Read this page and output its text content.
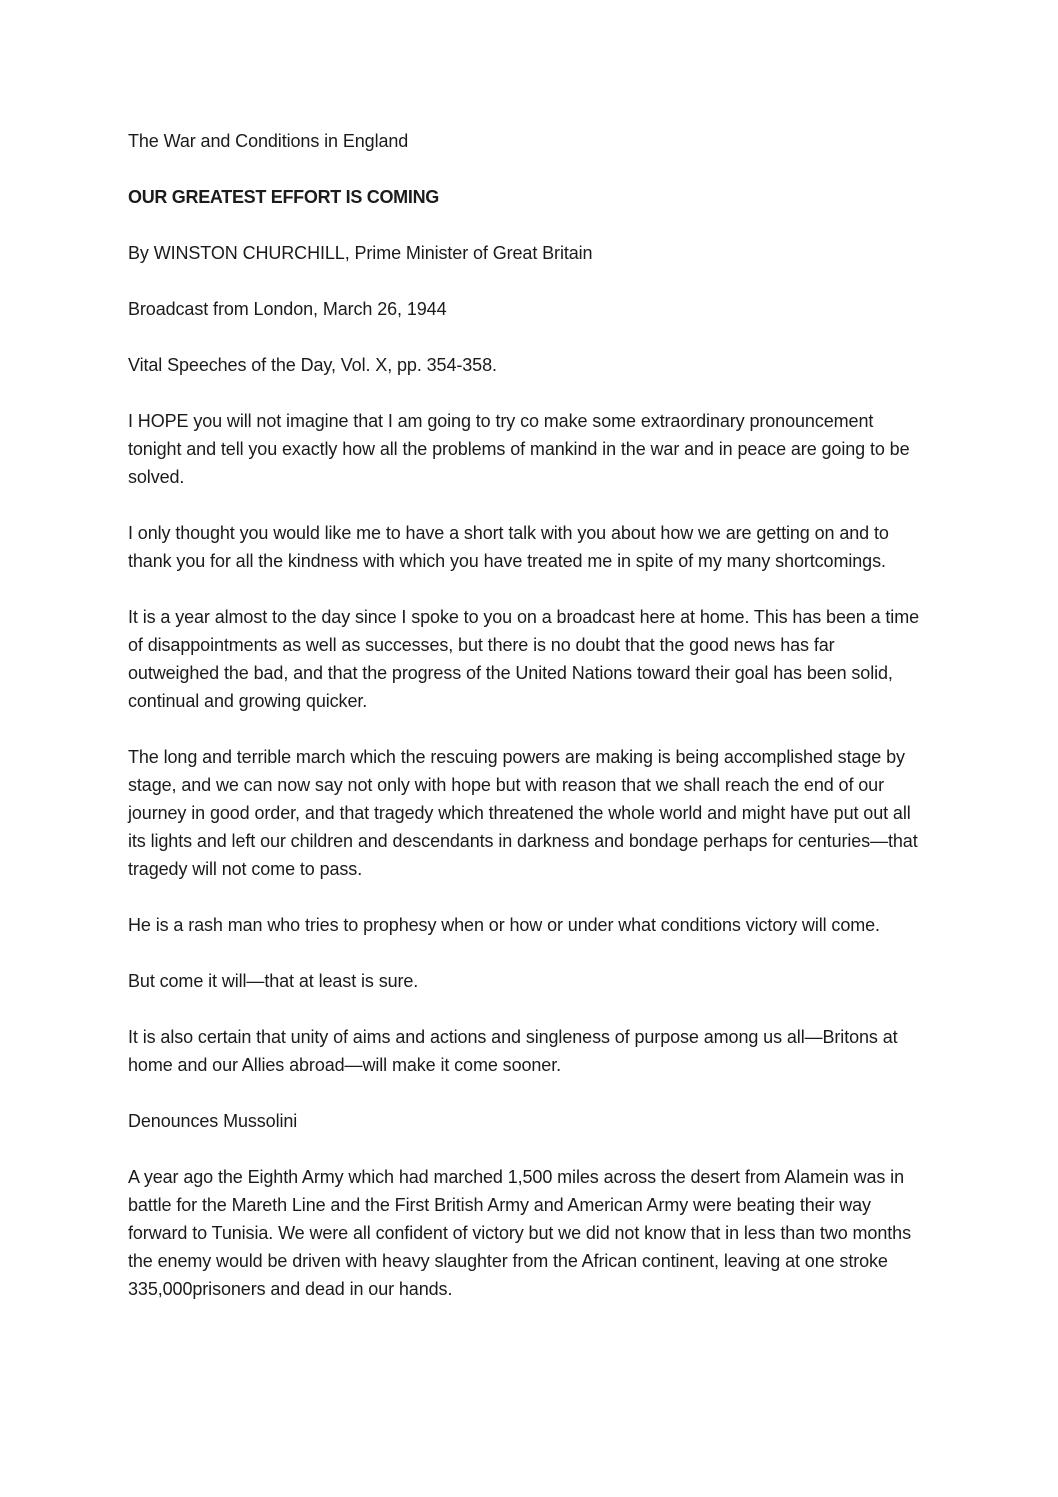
The War and Conditions in England
OUR GREATEST EFFORT IS COMING
By WINSTON CHURCHILL, Prime Minister of Great Britain
Broadcast from London, March 26, 1944
Vital Speeches of the Day, Vol. X, pp. 354-358.

I HOPE you will not imagine that I am going to try co make some extraordinary pronouncement tonight and tell you exactly how all the problems of mankind in the war and in peace are going to be solved.

I only thought you would like me to have a short talk with you about how we are getting on and to thank you for all the kindness with which you have treated me in spite of my many shortcomings.

It is a year almost to the day since I spoke to you on a broadcast here at home. This has been a time of disappointments as well as successes, but there is no doubt that the good news has far outweighed the bad, and that the progress of the United Nations toward their goal has been solid, continual and growing quicker.

The long and terrible march which the rescuing powers are making is being accomplished stage by stage, and we can now say not only with hope but with reason that we shall reach the end of our journey in good order, and that tragedy which threatened the whole world and might have put out all its lights and left our children and descendants in darkness and bondage perhaps for centuries—that tragedy will not come to pass.

He is a rash man who tries to prophesy when or how or under what conditions victory will come.

But come it will—that at least is sure.

It is also certain that unity of aims and actions and singleness of purpose among us all—Britons at home and our Allies abroad—will make it come sooner.

Denounces Mussolini

A year ago the Eighth Army which had marched 1,500 miles across the desert from Alamein was in battle for the Mareth Line and the First British Army and American Army were beating their way forward to Tunisia. We were all confident of victory but we did not know that in less than two months the enemy would be driven with heavy slaughter from the African continent, leaving at one stroke 335,000prisoners and dead in our hands.
